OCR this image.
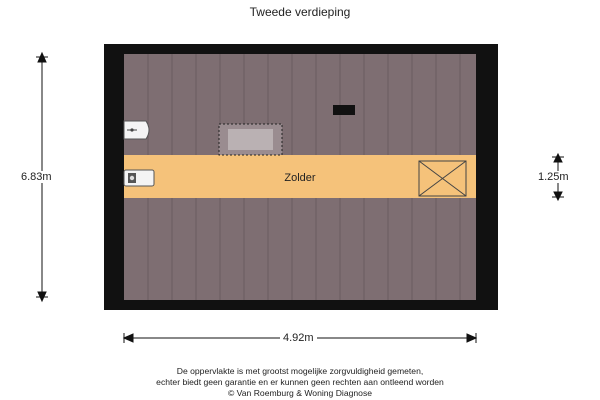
Tweede verdieping
Zolder
6.83m	1.25m
4.92m
De oppervlakte is met grootst mogelijke zorgvuldigheid gemeten,
echter biedt geen garantie en er kunnen geen rechten aan ontleend worden
© Van Roemburg & Woning Diagnose
